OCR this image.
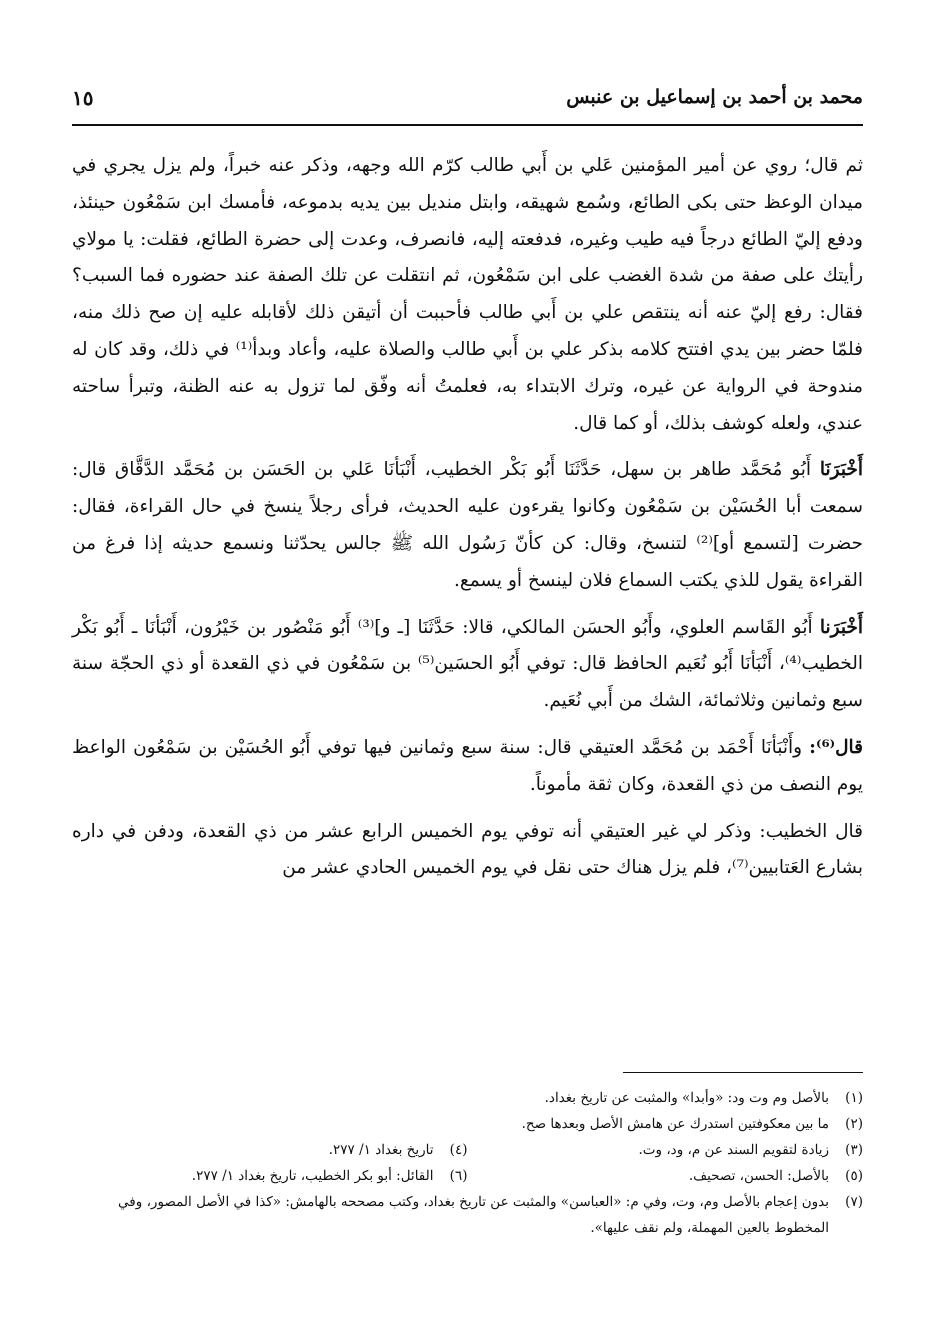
محمد بن أحمد بن إسماعيل بن عنبس
١٥

ثم قال؛ روي عن أمير المؤمنين عَلي بن أَبي طالب كرّم الله وجهه، وذكر عنه خبراً، ولم يزل يجري في ميدان الوعظ حتى بكى الطائع، وسُمع شهيقه، وابتل منديل بين يديه بدموعه، فأمسك ابن سَمْعُون حينئذ، ودفع إليّ الطائع درجاً فيه طيب وغيره، فدفعته إليه، فانصرف، وعدت إلى حضرة الطائع، فقلت: يا مولاي رأيتك على صفة من شدة الغضب على ابن سَمْعُون، ثم انتقلت عن تلك الصفة عند حضوره فما السبب؟ فقال: رفع إليّ عنه أنه ينتقص علي بن أَبي طالب فأحببت أن أتيقن ذلك لأقابله عليه إن صح ذلك منه، فلمّا حضر بين يدي افتتح كلامه بذكر علي بن أَبي طالب والصلاة عليه، وأعاد وبدأ⁽¹⁾ في ذلك، وقد كان له مندوحة في الرواية عن غيره، وترك الابتداء به، فعلمتُ أنه وفّق لما تزول به عنه الظنة، وتبرأ ساحته عندي، ولعله كوشف بذلك، أو كما قال.

أَخْبَرَنَا أَبُو مُحَمَّد طاهر بن سهل، حَدَّثَنَا أَبُو بَكْر الخطيب، أَنْبَأنَا عَلي بن الحَسَن بن مُحَمَّد الدَّقَّاق قال: سمعت أبا الحُسَيْن بن سَمْعُون وكانوا يقرءون عليه الحديث، فرأى رجلاً ينسخ في حال القراءة، فقال: حضرت [لتسمع أو]⁽²⁾ لتنسخ، وقال: كن كأنّ رَسُول الله ﷺ جالس يحدّثنا ونسمع حديثه إذا فرغ من القراءة يقول للذي يكتب السماع فلان لينسخ أو يسمع.

أَخْبَرَنا أَبُو القَاسم العلوي، وأَبُو الحسَن المالكي، قالا: حَدَّثَنَا [ـ و]⁽³⁾ أَبُو مَنْصُور بن خَيْرُون، أَنْبَأنَا ـ أَبُو بَكْر الخطيب⁽⁴⁾، أَنْبَأنَا أَبُو نُعَيم الحافظ قال: توفي أَبُو الحسَين⁽⁵⁾ بن سَمْعُون في ذي القعدة أو ذي الحجّة سنة سبع وثمانين وثلاثمائة، الشك من أَبي نُعَيم.

قال⁽⁶⁾: وأَنْبَأنَا أَحْمَد بن مُحَمَّد العتيقي قال: سنة سبع وثمانين فيها توفي أَبُو الحُسَيْن بن سَمْعُون الواعظ يوم النصف من ذي القعدة، وكان ثقة مأموناً.

قال الخطيب: وذكر لي غير العتيقي أنه توفي يوم الخميس الرابع عشر من ذي القعدة، ودفن في داره بشارع العَتابيين⁽⁷⁾، فلم يزل هناك حتى نقل في يوم الخميس الحادي عشر من

(١)
بالأصل وم وت ود: «وأبدا» والمثبت عن تاريخ بغداد.
(٢)
ما بين معكوفتين استدرك عن هامش الأصل وبعدها صح.
(٣)
زيادة لتقويم السند عن م، ود، وت.
(٤)
تاريخ بغداد ١/ ٢٧٧.
(٥)
بالأصل: الحسن، تصحيف.
(٦)
القائل: أبو بكر الخطيب، تاريخ بغداد ١/ ٢٧٧.
(٧)
بدون إعجام بالأصل وم، وت، وفي م: «العباسن» والمثبت عن تاريخ بغداد، وكتب مصححه بالهامش: «كذا في الأصل المصور، وفي المخطوط بالعين المهملة، ولم نقف عليها».
